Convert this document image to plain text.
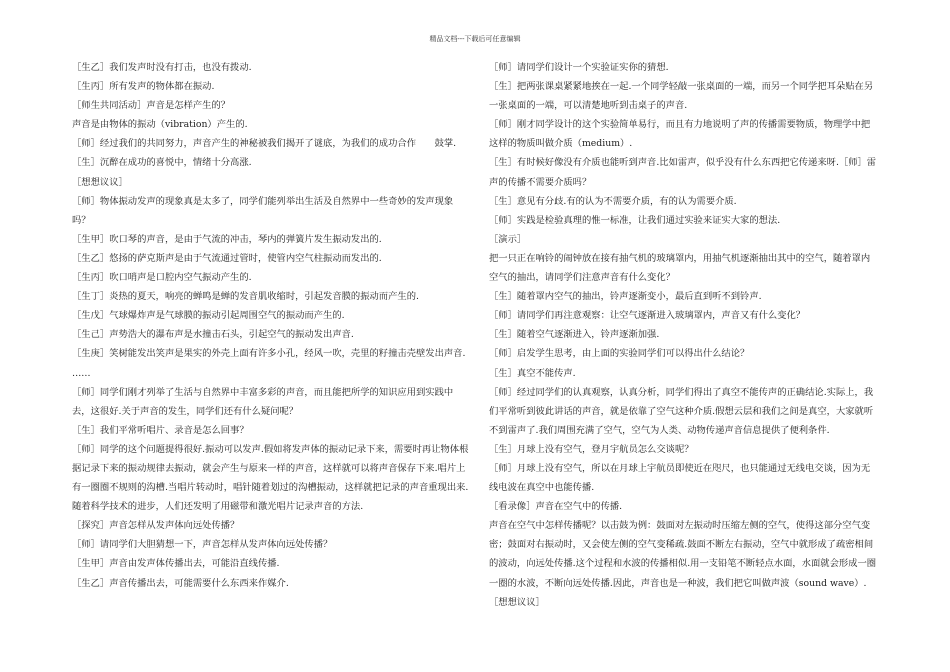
精品文档---下载后可任意编辑

［生乙］我们发声时没有打击，也没有拨动.

［生丙］所有发声的物体都在振动.

［师生共同活动］声音是怎样产生的？

声音是由物体的振动（vibration）产生的.

［师］经过我们的共同努力，声音产生的神秘被我们揭开了谜底，为我们的成功合作　　鼓掌.

［生］沉醉在成功的喜悦中，情绪十分高涨.

［想想议议］

［师］物体振动发声的现象真是太多了，同学们能列举出生活及自然界中一些奇妙的发声现象吗？

［生甲］吹口琴的声音，是由于气流的冲击，琴内的弹簧片发生振动发出的.

［生乙］悠扬的萨克斯声是由于气流通过管时，使管内空气柱振动而发出的.

［生丙］吹口哨声是口腔内空气振动产生的.

［生丁］炎热的夏天，响亮的蝉鸣是蝉的发音肌收缩时，引起发音膜的振动而产生的.

［生戊］气球爆炸声是气球膜的振动引起周围空气的振动而产生的.

［生己］声势浩大的瀑布声是水撞击石头，引起空气的振动发出声音.

［生庚］笑树能发出笑声是果实的外壳上面有许多小孔，经风一吹，壳里的籽撞击壳壁发出声音.

……

［师］同学们刚才列举了生活与自然界中丰富多彩的声音，而且能把所学的知识应用到实践中去，这很好.关于声音的发生，同学们还有什么疑问呢？

［生］我们平常听唱片、录音是怎么回事？

［师］同学的这个问题提得很好.振动可以发声.假如将发声体的振动记录下来，需要时再让物体根据记录下来的振动规律去振动，就会产生与原来一样的声音，这样就可以将声音保存下来.唱片上有一圈圈不规则的沟槽.当唱片转动时，唱针随着划过的沟槽振动，这样就把记录的声音重现出来.随着科学技术的进步，人们还发明了用磁带和激光唱片记录声音的方法.

［探究］声音怎样从发声体向远处传播？

［师］请同学们大胆猜想一下，声音怎样从发声体向远处传播？

［生甲］声音由发声体传播出去，可能沿直线传播.

［生乙］声音传播出去，可能需要什么东西来作媒介.

［师］请同学们设计一个实验证实你的猜想.

［生］把两张课桌紧紧地挨在一起.一个同学轻敲一张桌面的一端，而另一个同学把耳朵贴在另一张桌面的一端，可以清楚地听到击桌子的声音.

［师］刚才同学设计的这个实验简单易行，而且有力地说明了声的传播需要物质，物理学中把这样的物质叫做介质（medium）.

［生］有时候好像没有介质也能听到声音.比如雷声，似乎没有什么东西把它传递来呀.［师］雷声的传播不需要介质吗？

［生］意见有分歧.有的认为不需要介质，有的认为需要介质.

［师］实践是检验真理的惟一标准，让我们通过实验来证实大家的想法.

［演示］

把一只正在响铃的闹钟放在接有抽气机的玻璃罩内，用抽气机逐渐抽出其中的空气，随着罩内空气的抽出，请同学们注意声音有什么变化？

［生］随着罩内空气的抽出，铃声逐渐变小，最后直到听不到铃声.

［师］请同学们再注意观察：让空气逐渐进入玻璃罩内，声音又有什么变化？

［生］随着空气逐渐进入，铃声逐渐加强.

［师］启发学生思考，由上面的实验同学们可以得出什么结论？

［生］真空不能传声.

［师］经过同学们的认真观察，认真分析，同学们得出了真空不能传声的正确结论.实际上，我们平常听到彼此讲话的声音，就是依靠了空气这种介质.假想云层和我们之间是真空，大家就听不到雷声了.我们周围充满了空气，空气为人类、动物传递声音信息提供了便利条件.

［生］月球上没有空气，登月宇航员怎么交谈呢？

［师］月球上没有空气，所以在月球上宇航员即使近在咫尺，也只能通过无线电交谈，因为无线电波在真空中也能传播.

［看录像］声音在空气中的传播.

声音在空气中怎样传播呢？以击鼓为例：鼓面对左振动时压缩左侧的空气，使得这部分空气变密；鼓面对右振动时，又会使左侧的空气变稀疏.鼓面不断左右振动，空气中就形成了疏密相间的波动，向远处传播.这个过程和水波的传播相似.用一支铅笔不断轻点水面，水面就会形成一圈一圈的水波，不断向远处传播.因此，声音也是一种波，我们把它叫做声波（sound wave）.

［想想议议］
